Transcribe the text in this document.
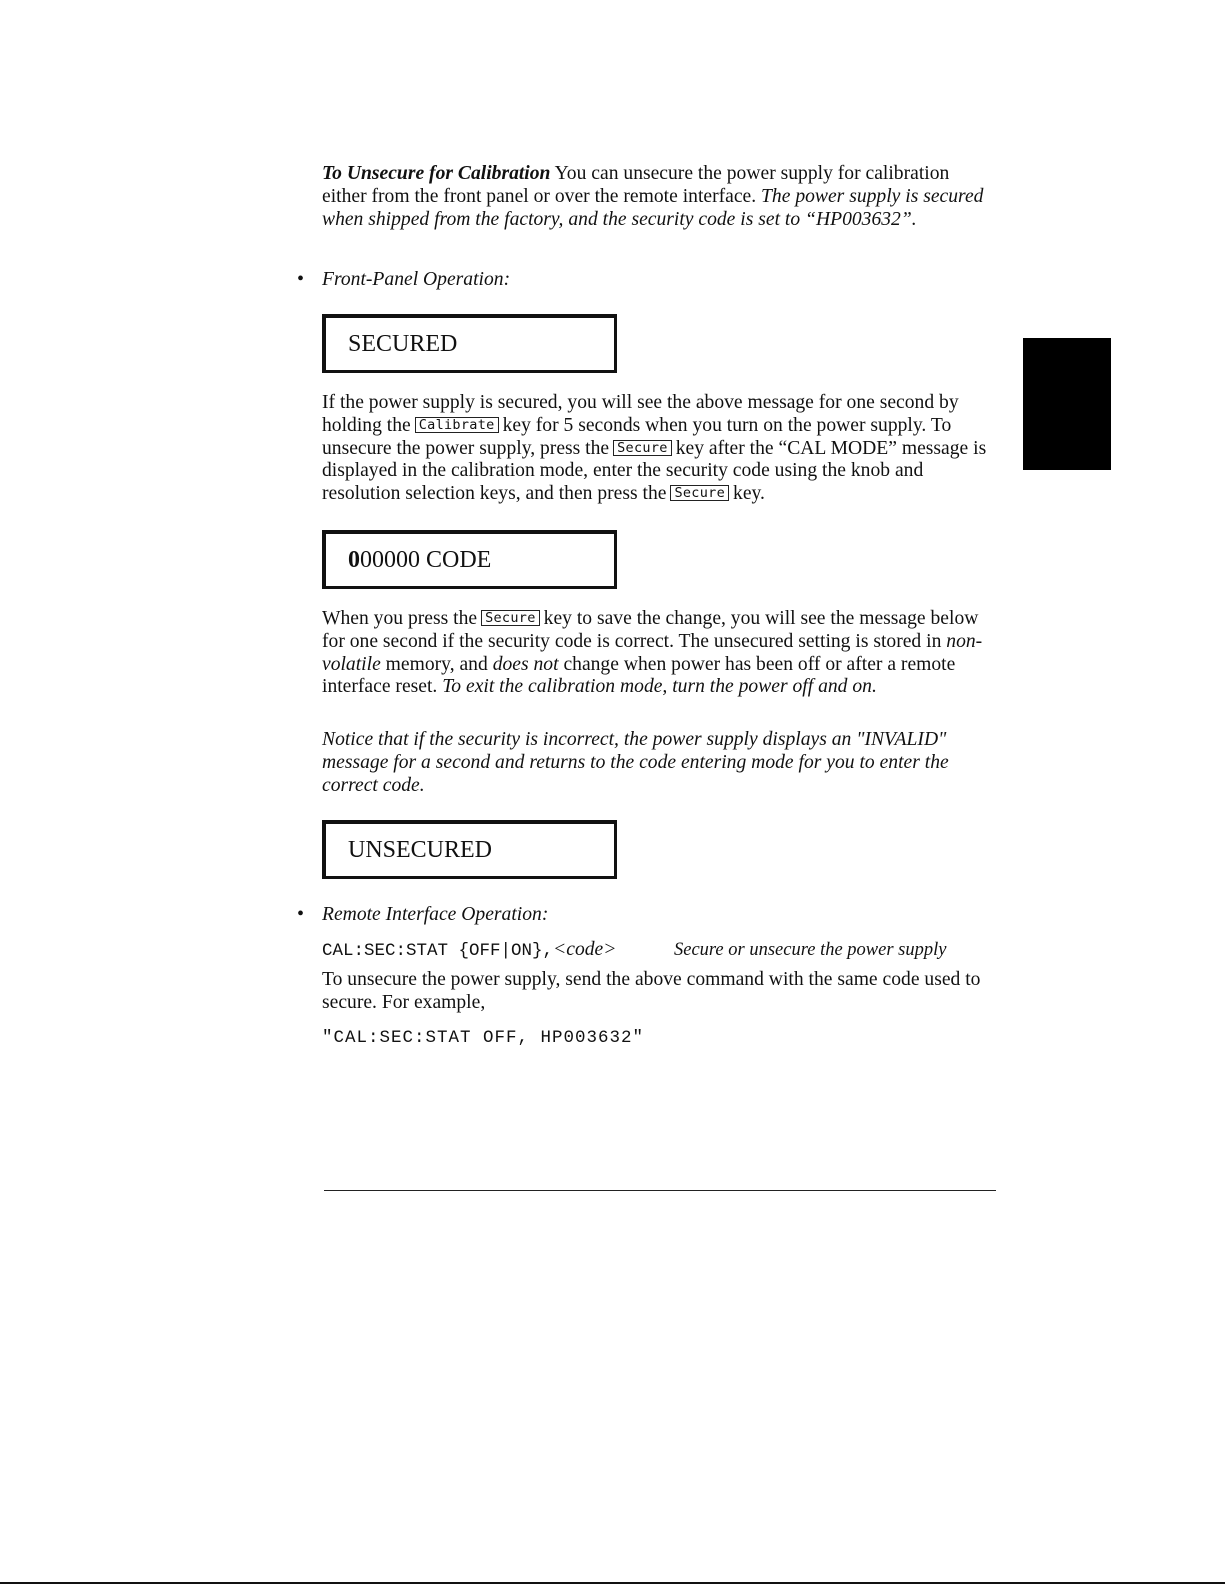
To Unsecure for Calibration You can unsecure the power supply for calibration either from the front panel or over the remote interface. The power supply is secured when shipped from the factory, and the security code is set to “HP003632”.

• Front-Panel Operation:

SECURED

If the power supply is secured, you will see the above message for one second by holding the Calibrate key for 5 seconds when you turn on the power supply. To unsecure the power supply, press the Secure key after the “CAL MODE” message is displayed in the calibration mode, enter the security code using the knob and resolution selection keys, and then press the Secure key.

000000 CODE

When you press the Secure key to save the change, you will see the message below for one second if the security code is correct. The unsecured setting is stored in non-volatile memory, and does not change when power has been off or after a remote interface reset. To exit the calibration mode, turn the power off and on.

Notice that if the security is incorrect, the power supply displays an "INVALID" message for a second and returns to the code entering mode for you to enter the correct code.

UNSECURED
• Remote Interface Operation:

CAL:SEC:STAT {OFF|ON},<code>	Secure or unsecure the power supply

To unsecure the power supply, send the above command with the same code used to secure. For example,

"CAL:SEC:STAT OFF, HP003632"
